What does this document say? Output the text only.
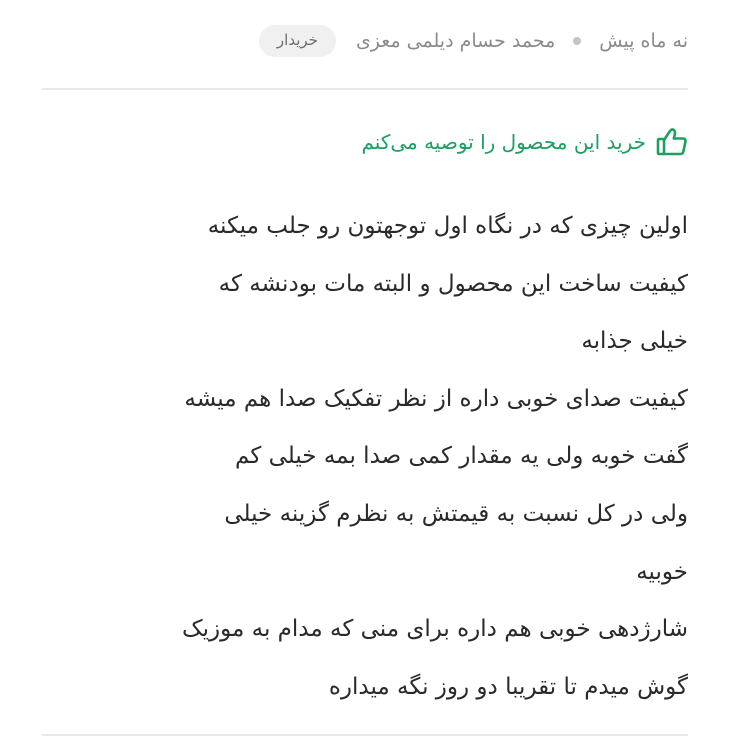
نه ماه پیش
محمد حسام دیلمی معزی
خریدار
خرید این محصول را توصیه می‌کنم

اولین چیزی که در نگاه اول توجهتون رو جلب میکنه

کیفیت ساخت این محصول و البته مات بودنشه که

خیلی جذابه

کیفیت صدای خوبی داره از نظر تفکیک صدا هم میشه

گفت خوبه ولی یه مقدار کمی صدا بمه خیلی کم

ولی در کل نسبت به قیمتش به نظرم گزینه خیلی

خوبیه

شارژدهی خوبی هم داره برای منی که مدام به موزیک

گوش میدم تا تقریبا دو روز نگه میداره
